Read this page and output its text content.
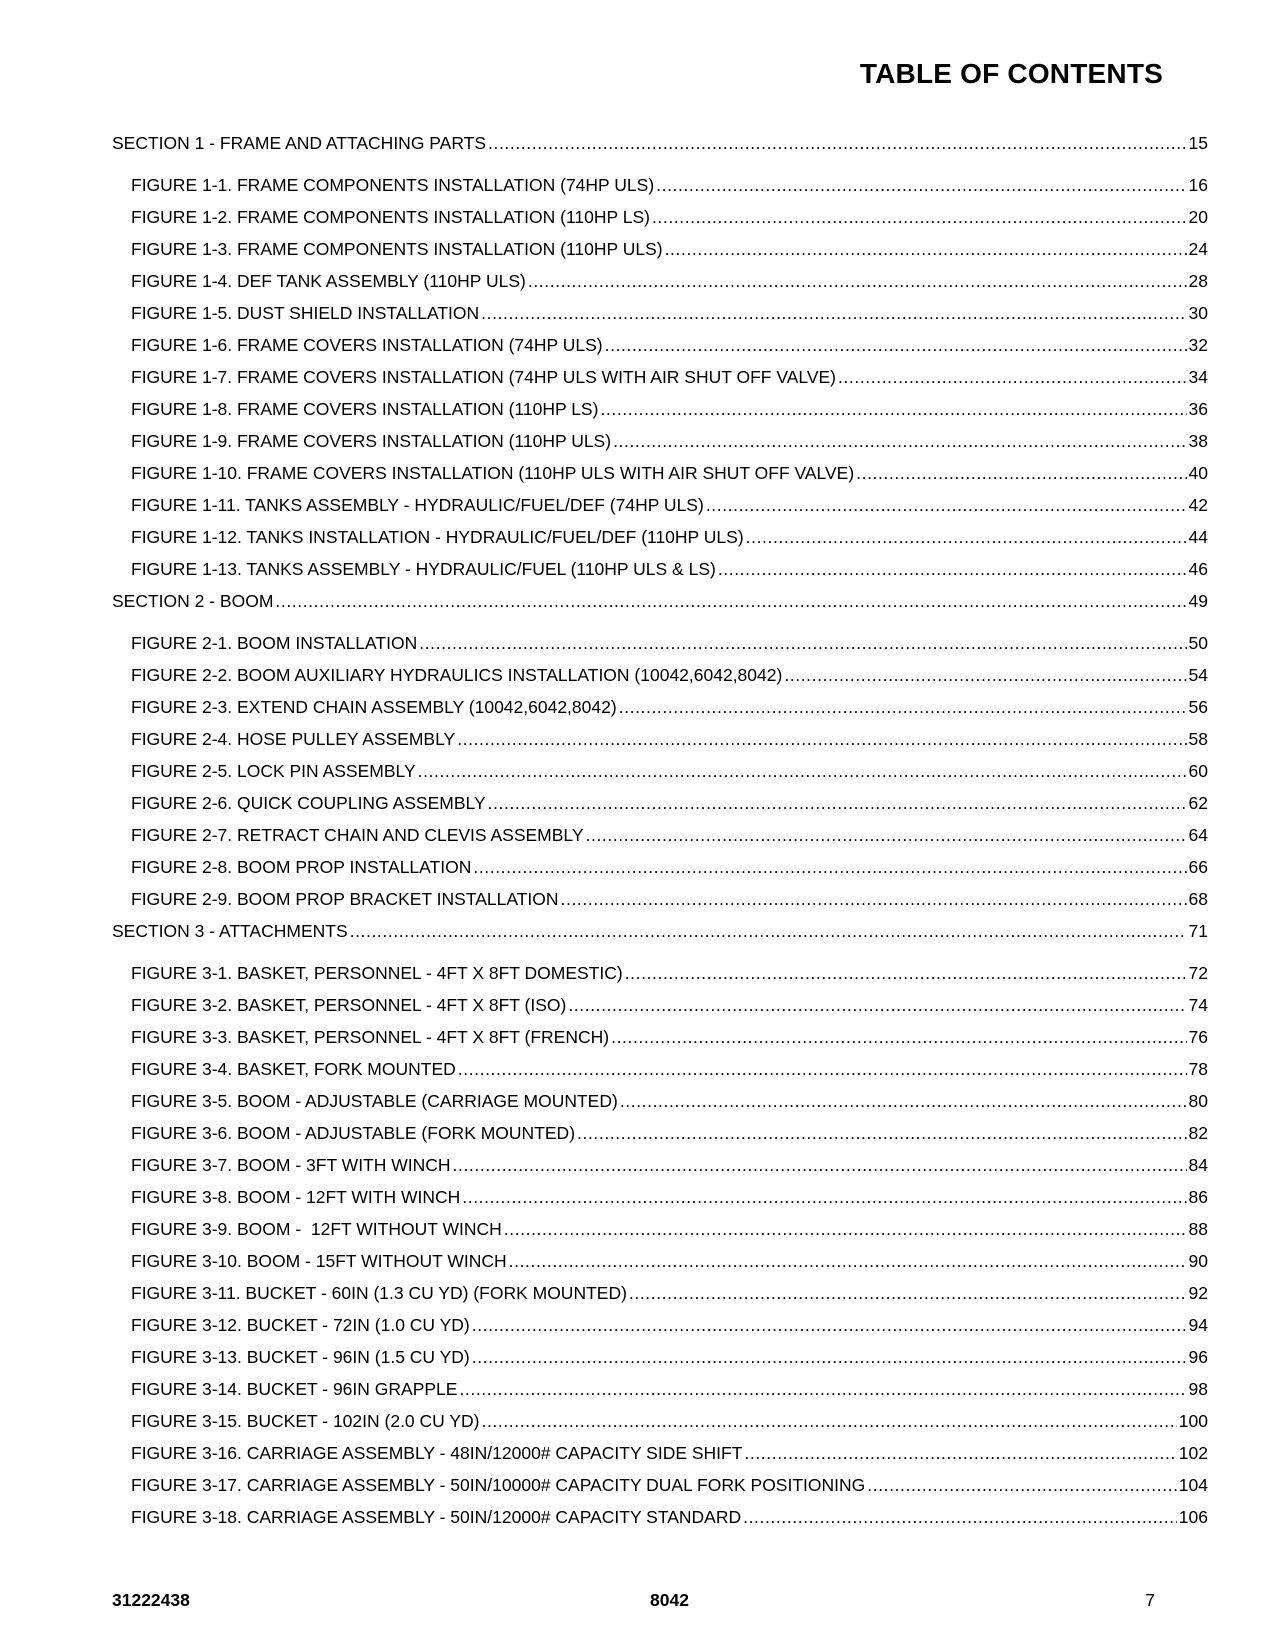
TABLE OF CONTENTS
SECTION 1 - FRAME AND ATTACHING PARTS .....	15
FIGURE 1-1. FRAME COMPONENTS INSTALLATION (74HP ULS) .....	16
FIGURE 1-2. FRAME COMPONENTS INSTALLATION (110HP LS) .....	20
FIGURE 1-3. FRAME COMPONENTS INSTALLATION (110HP ULS) .....	24
FIGURE 1-4. DEF TANK ASSEMBLY (110HP ULS) .....	28
FIGURE 1-5. DUST SHIELD INSTALLATION .....	30
FIGURE 1-6. FRAME COVERS INSTALLATION (74HP ULS) .....	32
FIGURE 1-7. FRAME COVERS INSTALLATION (74HP ULS WITH AIR SHUT OFF VALVE) .....	34
FIGURE 1-8. FRAME COVERS INSTALLATION (110HP LS) .....	36
FIGURE 1-9. FRAME COVERS INSTALLATION (110HP ULS) .....	38
FIGURE 1-10. FRAME COVERS INSTALLATION (110HP ULS WITH AIR SHUT OFF VALVE) .....	40
FIGURE 1-11. TANKS ASSEMBLY - HYDRAULIC/FUEL/DEF (74HP ULS) .....	42
FIGURE 1-12. TANKS INSTALLATION - HYDRAULIC/FUEL/DEF (110HP ULS) .....	44
FIGURE 1-13. TANKS ASSEMBLY - HYDRAULIC/FUEL (110HP ULS & LS) .....	46
SECTION 2 - BOOM .....	49
FIGURE 2-1. BOOM INSTALLATION .....	50
FIGURE 2-2. BOOM AUXILIARY HYDRAULICS INSTALLATION (10042,6042,8042) .....	54
FIGURE 2-3. EXTEND CHAIN ASSEMBLY (10042,6042,8042) .....	56
FIGURE 2-4. HOSE PULLEY ASSEMBLY .....	58
FIGURE 2-5. LOCK PIN ASSEMBLY .....	60
FIGURE 2-6. QUICK COUPLING ASSEMBLY .....	62
FIGURE 2-7. RETRACT CHAIN AND CLEVIS ASSEMBLY .....	64
FIGURE 2-8. BOOM PROP INSTALLATION .....	66
FIGURE 2-9. BOOM PROP BRACKET INSTALLATION .....	68
SECTION 3 - ATTACHMENTS .....	71
FIGURE 3-1. BASKET, PERSONNEL - 4FT X 8FT DOMESTIC) .....	72
FIGURE 3-2. BASKET, PERSONNEL - 4FT X 8FT (ISO) .....	74
FIGURE 3-3. BASKET, PERSONNEL - 4FT X 8FT (FRENCH) .....	76
FIGURE 3-4. BASKET, FORK MOUNTED .....	78
FIGURE 3-5. BOOM - ADJUSTABLE (CARRIAGE MOUNTED) .....	80
FIGURE 3-6. BOOM - ADJUSTABLE (FORK MOUNTED) .....	82
FIGURE 3-7. BOOM - 3FT WITH WINCH .....	84
FIGURE 3-8. BOOM - 12FT WITH WINCH .....	86
FIGURE 3-9. BOOM -  12FT WITHOUT WINCH .....	88
FIGURE 3-10. BOOM - 15FT WITHOUT WINCH .....	90
FIGURE 3-11. BUCKET - 60IN (1.3 CU YD) (FORK MOUNTED) .....	92
FIGURE 3-12. BUCKET - 72IN (1.0 CU YD) .....	94
FIGURE 3-13. BUCKET - 96IN (1.5 CU YD) .....	96
FIGURE 3-14. BUCKET - 96IN GRAPPLE .....	98
FIGURE 3-15. BUCKET - 102IN (2.0 CU YD) .....	100
FIGURE 3-16. CARRIAGE ASSEMBLY - 48IN/12000# CAPACITY SIDE SHIFT .....	102
FIGURE 3-17. CARRIAGE ASSEMBLY - 50IN/10000# CAPACITY DUAL FORK POSITIONING .....	104
FIGURE 3-18. CARRIAGE ASSEMBLY - 50IN/12000# CAPACITY STANDARD .....	106
31222438	8042	7
